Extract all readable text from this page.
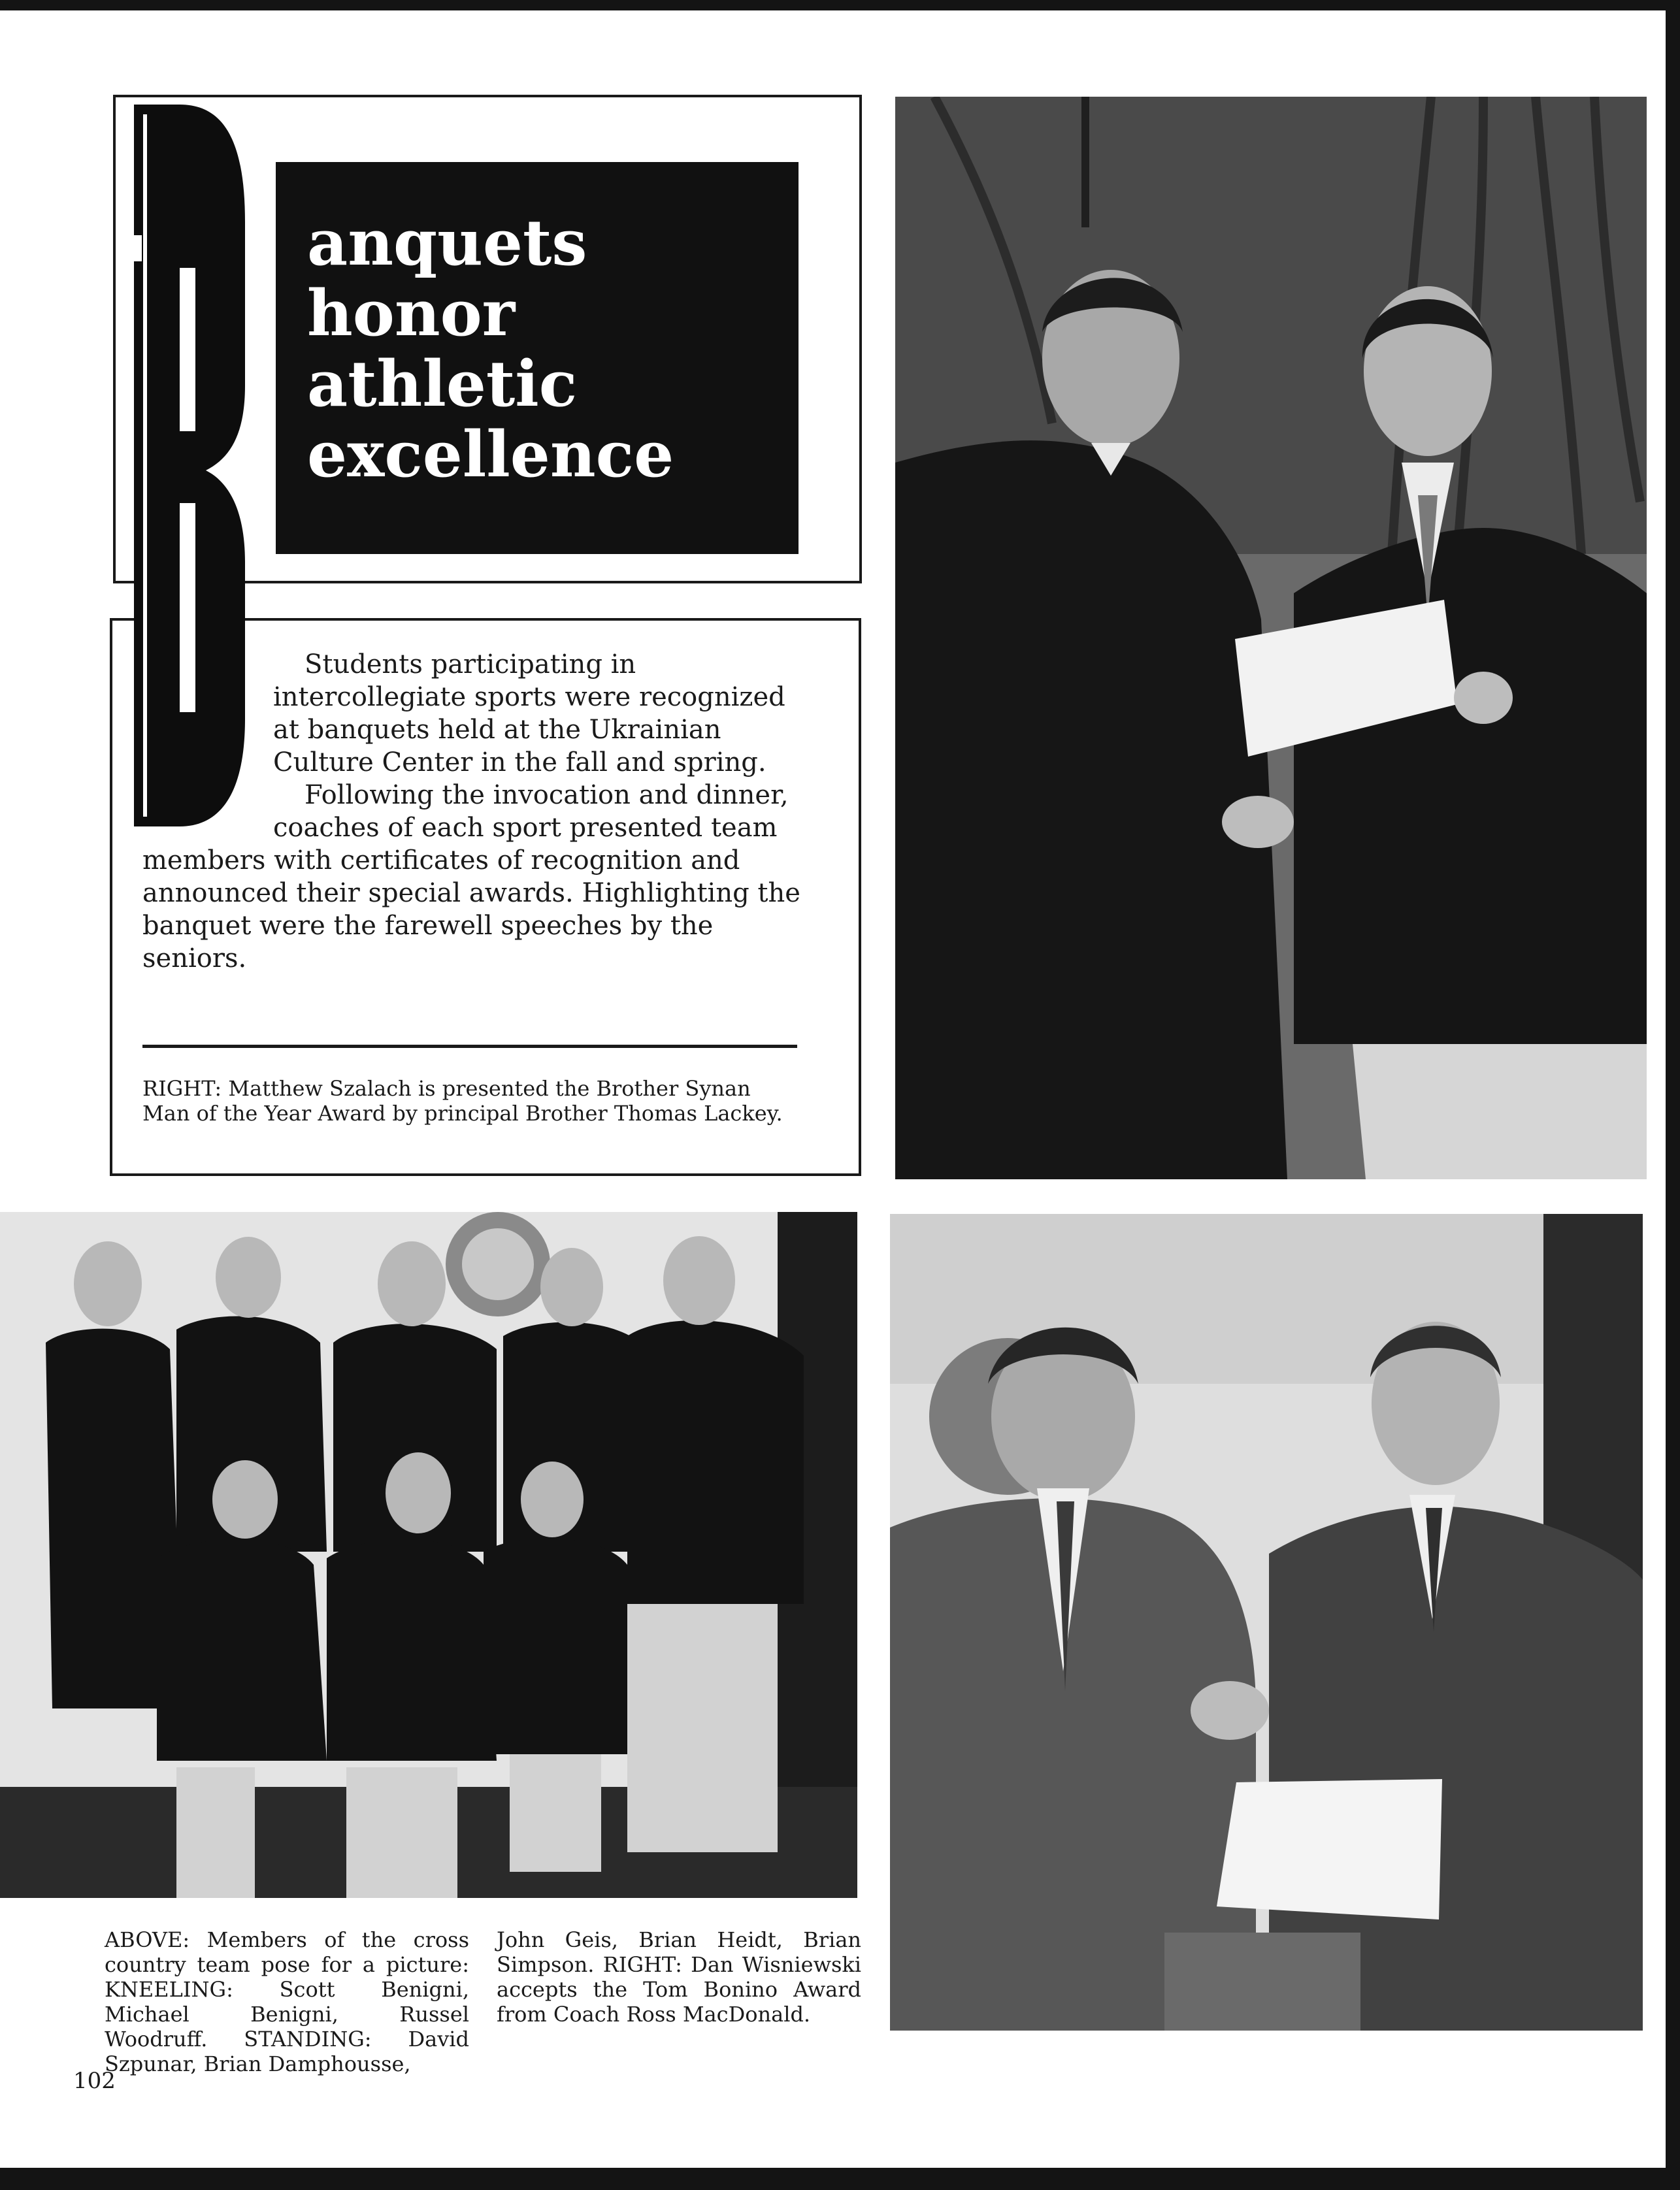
anquets
honor
athletic
excellence

Students participating in intercollegiate sports were recognized at banquets held at the Ukrainian Culture Center in the fall and spring.

Following the invocation and dinner, coaches of each sport presented team

members with certificates of recognition and announced their special awards. Highlighting the banquet were the farewell speeches by the seniors.

RIGHT: Matthew Szalach is presented the Brother Synan Man of the Year Award by principal Brother Thomas Lackey.

ABOVE: Members of the cross country team pose for a picture: KNEELING: Scott Benigni, Michael Benigni, Russel Woodruff. STANDING: David Szpunar, Brian Damphousse,

John Geis, Brian Heidt, Brian Simpson. RIGHT: Dan Wisniewski accepts the Tom Bonino Award from Coach Ross MacDonald.

102
